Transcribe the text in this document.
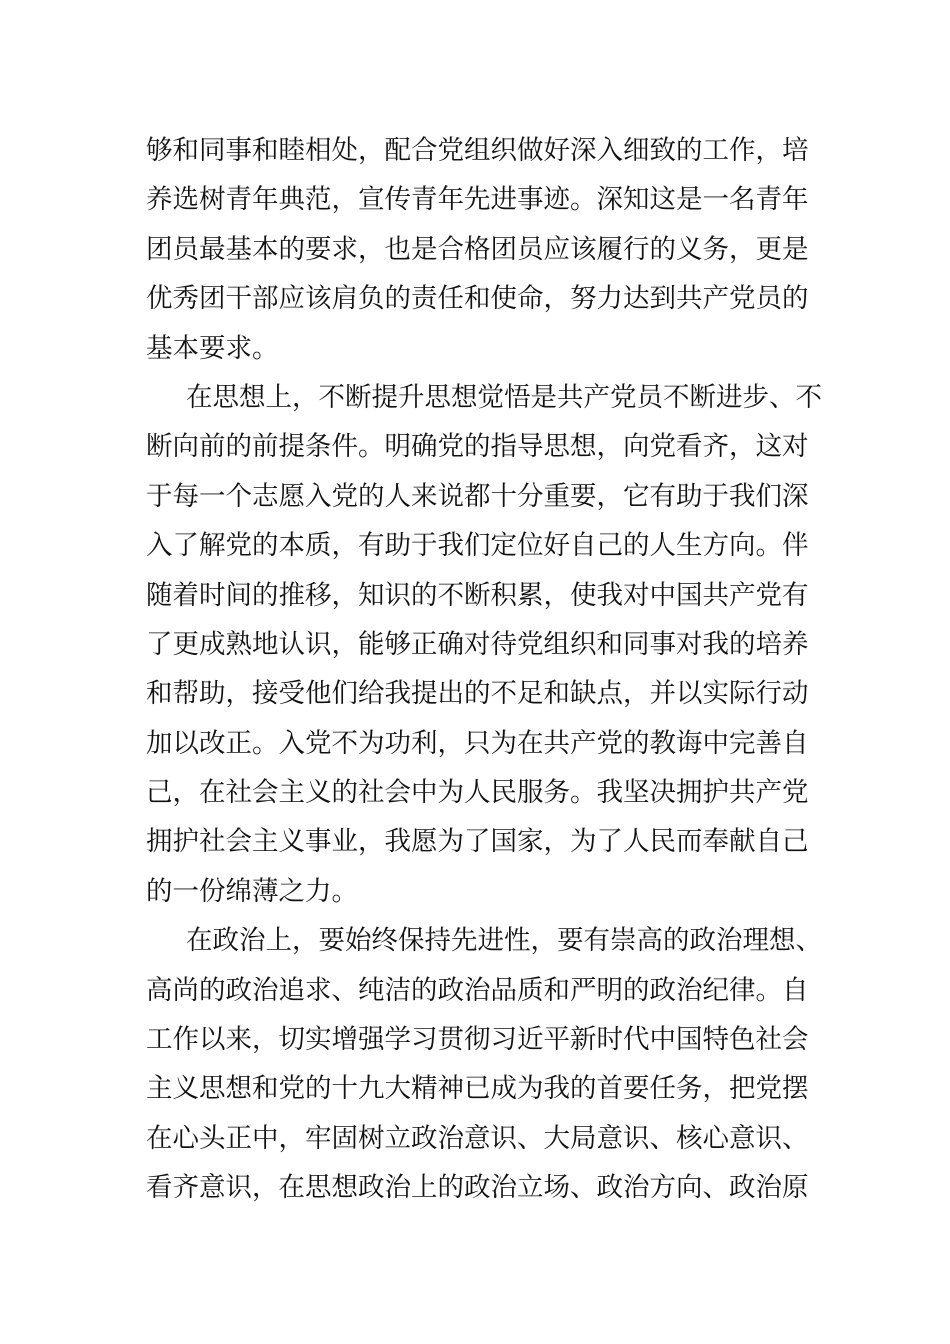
够和同事和睦相处，配合党组织做好深入细致的工作，培
养选树青年典范，宣传青年先进事迹。深知这是一名青年
团员最基本的要求，也是合格团员应该履行的义务，更是
优秀团干部应该肩负的责任和使命，努力达到共产党员的
基本要求。
在思想上，不断提升思想觉悟是共产党员不断进步、不
断向前的前提条件。明确党的指导思想，向党看齐，这对
于每一个志愿入党的人来说都十分重要，它有助于我们深
入了解党的本质，有助于我们定位好自己的人生方向。伴
随着时间的推移，知识的不断积累，使我对中国共产党有
了更成熟地认识，能够正确对待党组织和同事对我的培养
和帮助，接受他们给我提出的不足和缺点，并以实际行动
加以改正。入党不为功利，只为在共产党的教诲中完善自
己，在社会主义的社会中为人民服务。我坚决拥护共产党
拥护社会主义事业，我愿为了国家，为了人民而奉献自己
的一份绵薄之力。
在政治上，要始终保持先进性，要有崇高的政治理想、
高尚的政治追求、纯洁的政治品质和严明的政治纪律。自
工作以来，切实增强学习贯彻习近平新时代中国特色社会
主义思想和党的十九大精神已成为我的首要任务，把党摆
在心头正中，牢固树立政治意识、大局意识、核心意识、
看齐意识，在思想政治上的政治立场、政治方向、政治原
